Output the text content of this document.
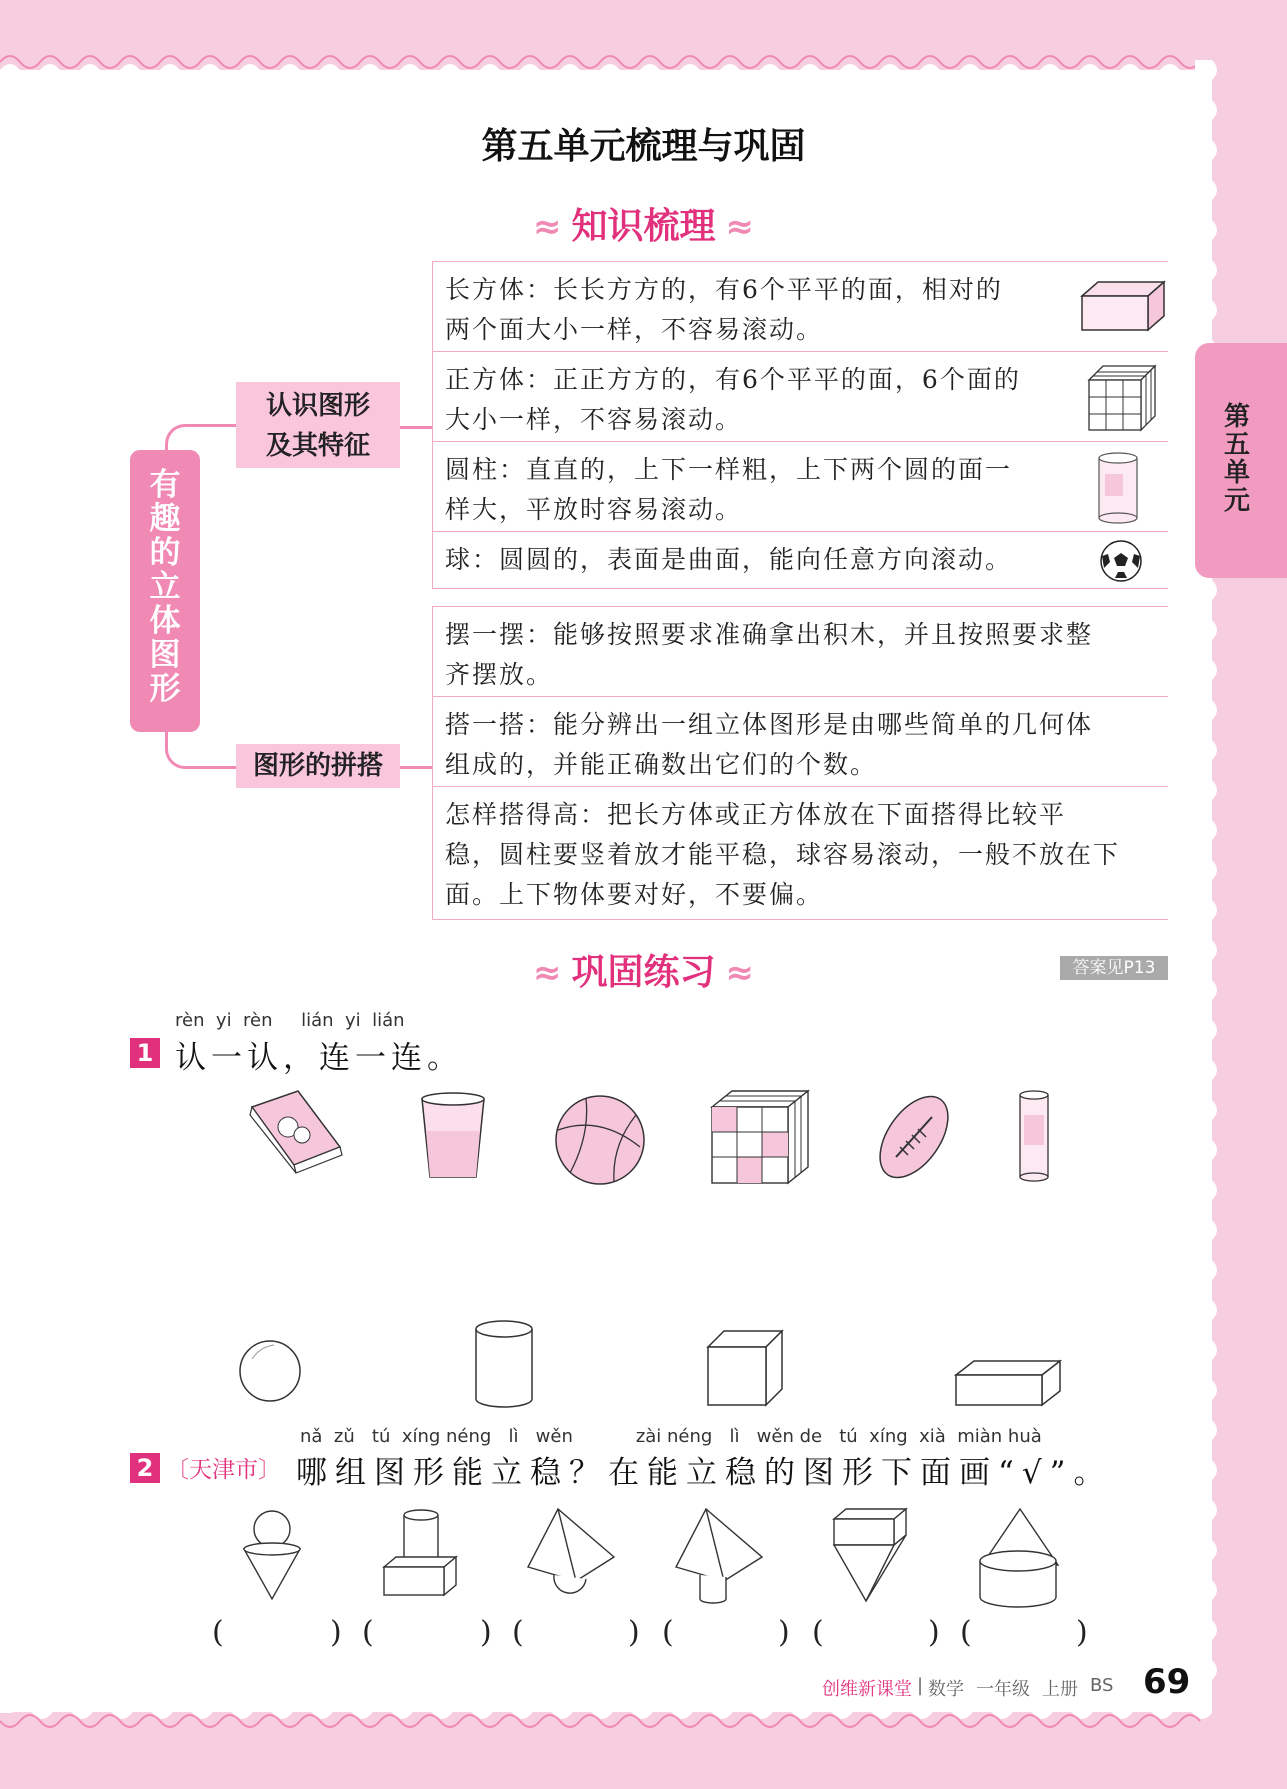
第五单元
第五单元梳理与巩固
≈ 知识梳理 ≈
有趣的立体图形
认识图形
及其特征
图形的拼搭
长方体：长长方方的，有6个平平的面，相对的
两个面大小一样，不容易滚动。
正方体：正正方方的，有6个平平的面，6个面的
大小一样，不容易滚动。
圆柱：直直的，上下一样粗，上下两个圆的面一
样大，平放时容易滚动。
球：圆圆的，表面是曲面，能向任意方向滚动。
摆一摆：能够按照要求准确拿出积木，并且按照要求整
齐摆放。
搭一搭：能分辨出一组立体图形是由哪些简单的几何体
组成的，并能正确数出它们的个数。
怎样搭得高：把长方体或正方体放在下面搭得比较平
稳，圆柱要竖着放才能平稳，球容易滚动，一般不放在下
面。上下物体要对好，不要偏。
≈ 巩固练习 ≈	答案见P13
rèn  yi  rèn     lián  yi  lián
1 认一认，连一连。
nǎ  zǔ   tú  xíng néng   lì   wěn           zài néng   lì   wěn de   tú  xíng  xià  miàn huà
2 〔天津市〕 哪组图形能立稳？在能立稳的图形下面画“√”。
(	) (	) (	) (	) (	) (	)
创维新课堂 | 数学 一年级 上册 BS 69
